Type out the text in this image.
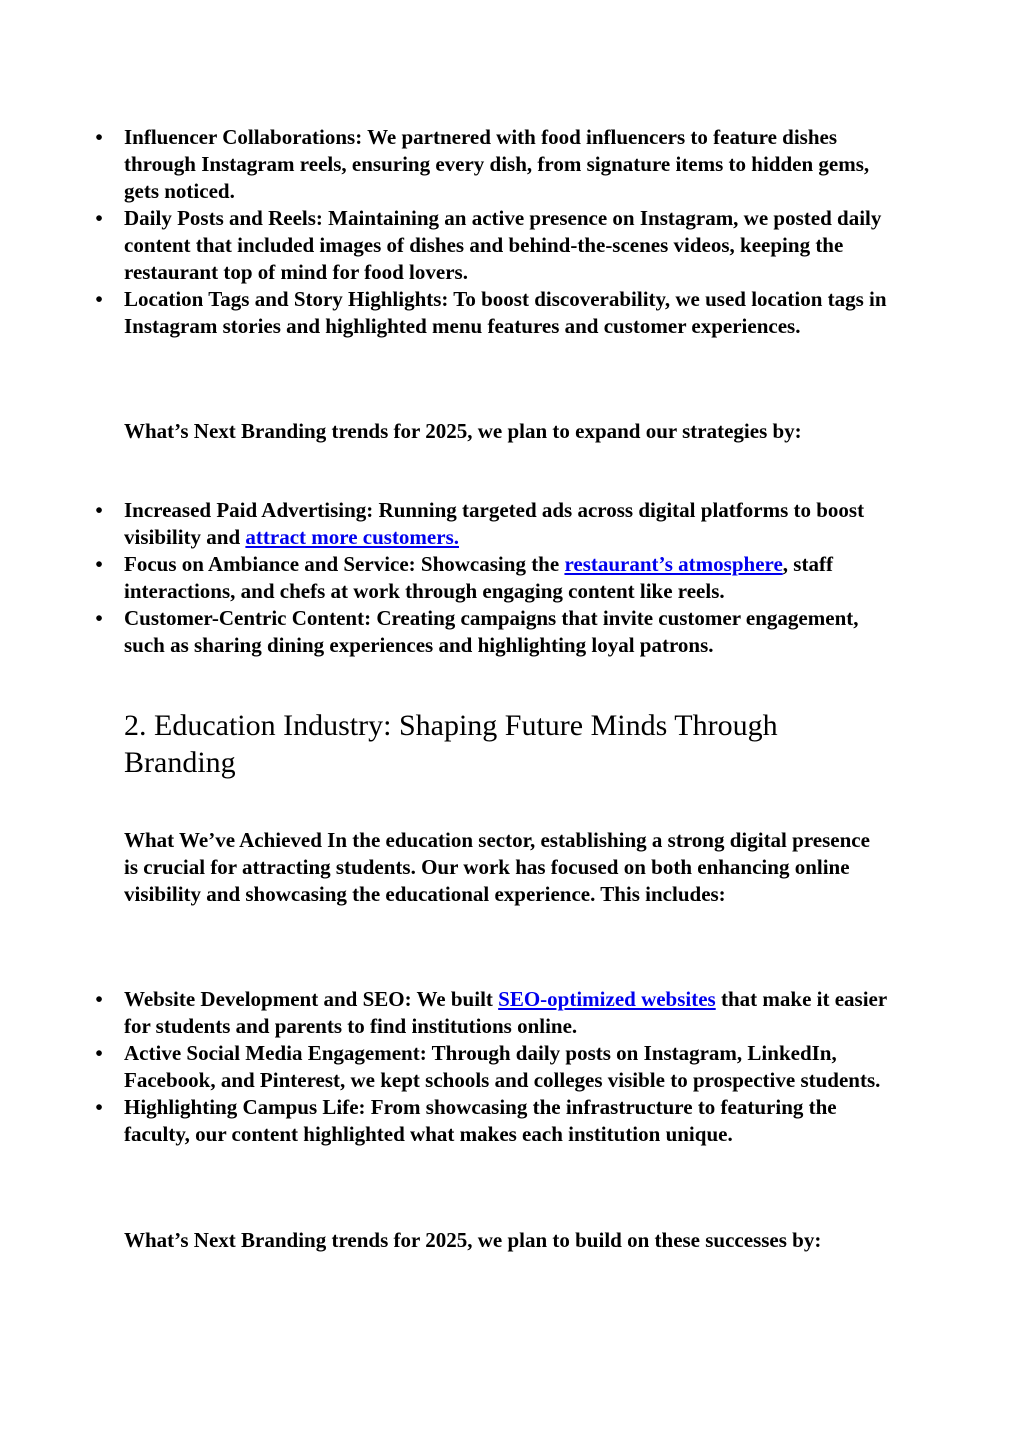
• Influencer Collaborations: We partnered with food influencers to feature dishes through Instagram reels, ensuring every dish, from signature items to hidden gems, gets noticed.
• Daily Posts and Reels: Maintaining an active presence on Instagram, we posted daily content that included images of dishes and behind-the-scenes videos, keeping the restaurant top of mind for food lovers.
• Location Tags and Story Highlights: To boost discoverability, we used location tags in Instagram stories and highlighted menu features and customer experiences.

What’s Next Branding trends for 2025, we plan to expand our strategies by:

• Increased Paid Advertising: Running targeted ads across digital platforms to boost visibility and attract more customers.
• Focus on Ambiance and Service: Showcasing the restaurant’s atmosphere, staff interactions, and chefs at work through engaging content like reels.
• Customer-Centric Content: Creating campaigns that invite customer engagement, such as sharing dining experiences and highlighting loyal patrons.
2. Education Industry: Shaping Future Minds Through Branding

What We’ve Achieved In the education sector, establishing a strong digital presence is crucial for attracting students. Our work has focused on both enhancing online visibility and showcasing the educational experience. This includes:

• Website Development and SEO: We built SEO-optimized websites that make it easier for students and parents to find institutions online.
• Active Social Media Engagement: Through daily posts on Instagram, LinkedIn, Facebook, and Pinterest, we kept schools and colleges visible to prospective students.
• Highlighting Campus Life: From showcasing the infrastructure to featuring the faculty, our content highlighted what makes each institution unique.

What’s Next Branding trends for 2025, we plan to build on these successes by:
